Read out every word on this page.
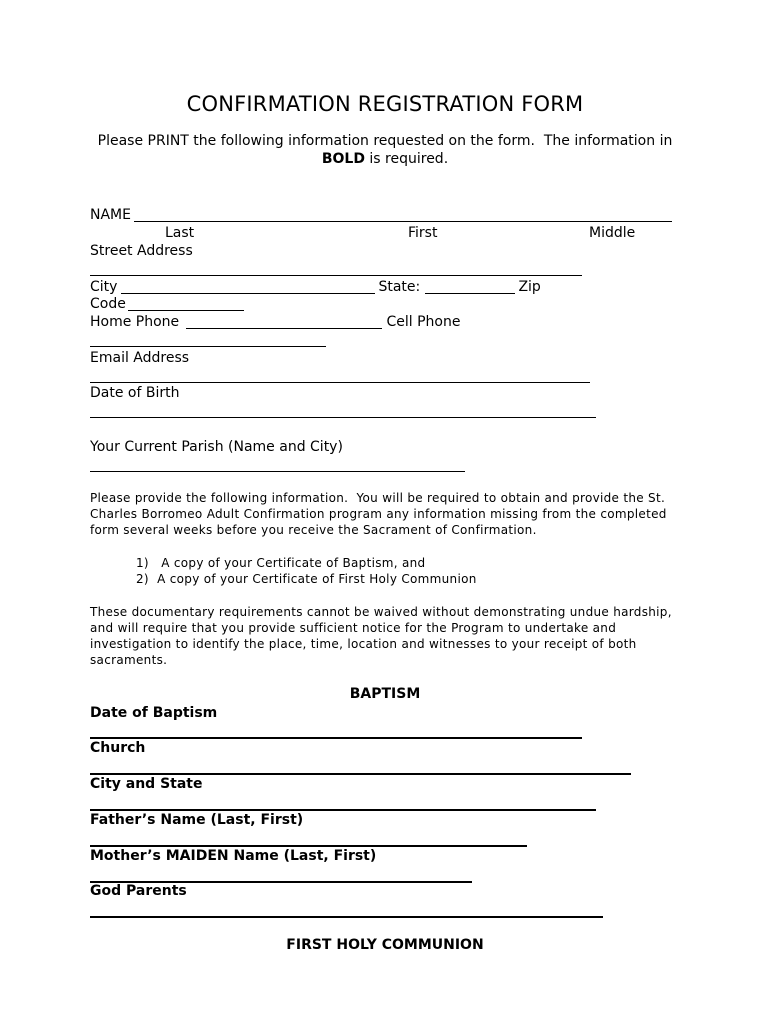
CONFIRMATION REGISTRATION FORM
Please PRINT the following information requested on the form.  The information in
BOLD is required.
NAME
Last	First	Middle
Street Address
City	State:	Zip
Code
Home Phone	Cell Phone
Email Address
Date of Birth
Your Current Parish (Name and City)
Please provide the following information.  You will be required to obtain and provide the St.
Charles Borromeo Adult Confirmation program any information missing from the completed
form several weeks before you receive the Sacrament of Confirmation.
1)   A copy of your Certificate of Baptism, and
2)  A copy of your Certificate of First Holy Communion
These documentary requirements cannot be waived without demonstrating undue hardship,
and will require that you provide sufficient notice for the Program to undertake and
investigation to identify the place, time, location and witnesses to your receipt of both
sacraments.
BAPTISM
Date of Baptism
Church
City and State
Father’s Name (Last, First)
Mother’s MAIDEN Name (Last, First)
God Parents
FIRST HOLY COMMUNION
